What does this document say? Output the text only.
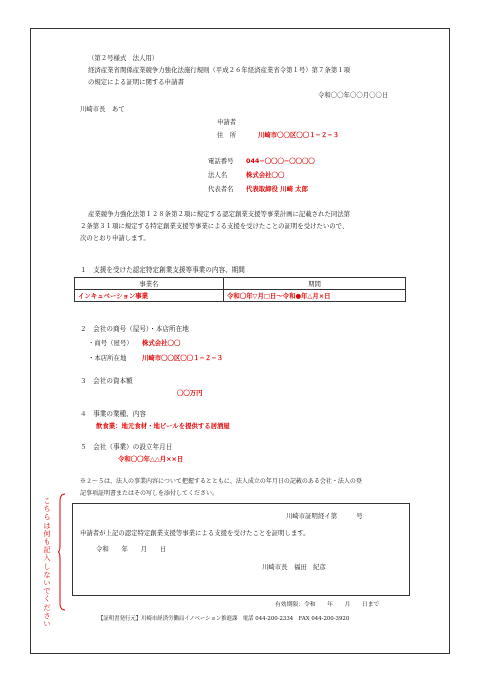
（第２号様式　法人用）
経済産業省関係産業競争力強化法施行規則（平成２６年経済産業省令第１号）第７条第１項
の規定による証明に関する申請書
令和〇〇年〇〇月〇〇日
川崎市長　あて
申請者
住　所	川崎市〇〇区〇〇１−２−３
電話番号 044−〇〇〇−〇〇〇〇
法人名	株式会社〇〇
代表者名 代表取締役 川崎 太郎
産業競争力強化法第１２８条第２項に規定する認定創業支援等事業計画に記載された同法第
２条第３１項に規定する特定創業支援等事業による支援を受けたことの証明を受けたいので、
次のとおり申請します。
１　支援を受けた認定特定創業支援等事業の内容、期間
事業名	期間
インキュベーション事業	令和〇年▽月□日〜令和●年△月×日
２　会社の商号（屋号）・本店所在地
・商号（屋号） 株式会社〇〇
・本店所在地 川崎市〇〇区〇〇１−２−３
３　会社の資本額
〇〇万円
４　事業の業種、内容
飲食業：地元食材・地ビールを提供する居酒屋
５　会社（事業）の設立年月日
令和〇〇年△△月××日
※２〜５は、法人の事業内容について把握するとともに、法人成立の年月日の記載のある会社・法人の登
記事項証明書またはその写しを添付してください。
こちらは何も記入しないでください
川崎市証明経イ第　　　号
申請者が上記の認定特定創業支援等事業による支援を受けたことを証明します。
令和　　年　　月　　日
川崎市長　福田　紀彦
有効期限：令和　　年　　月　　日まで
【証明書発行元】川崎市経済労働局イノベーション推進課　電話 044-200-2334　FAX 044-200-3920
